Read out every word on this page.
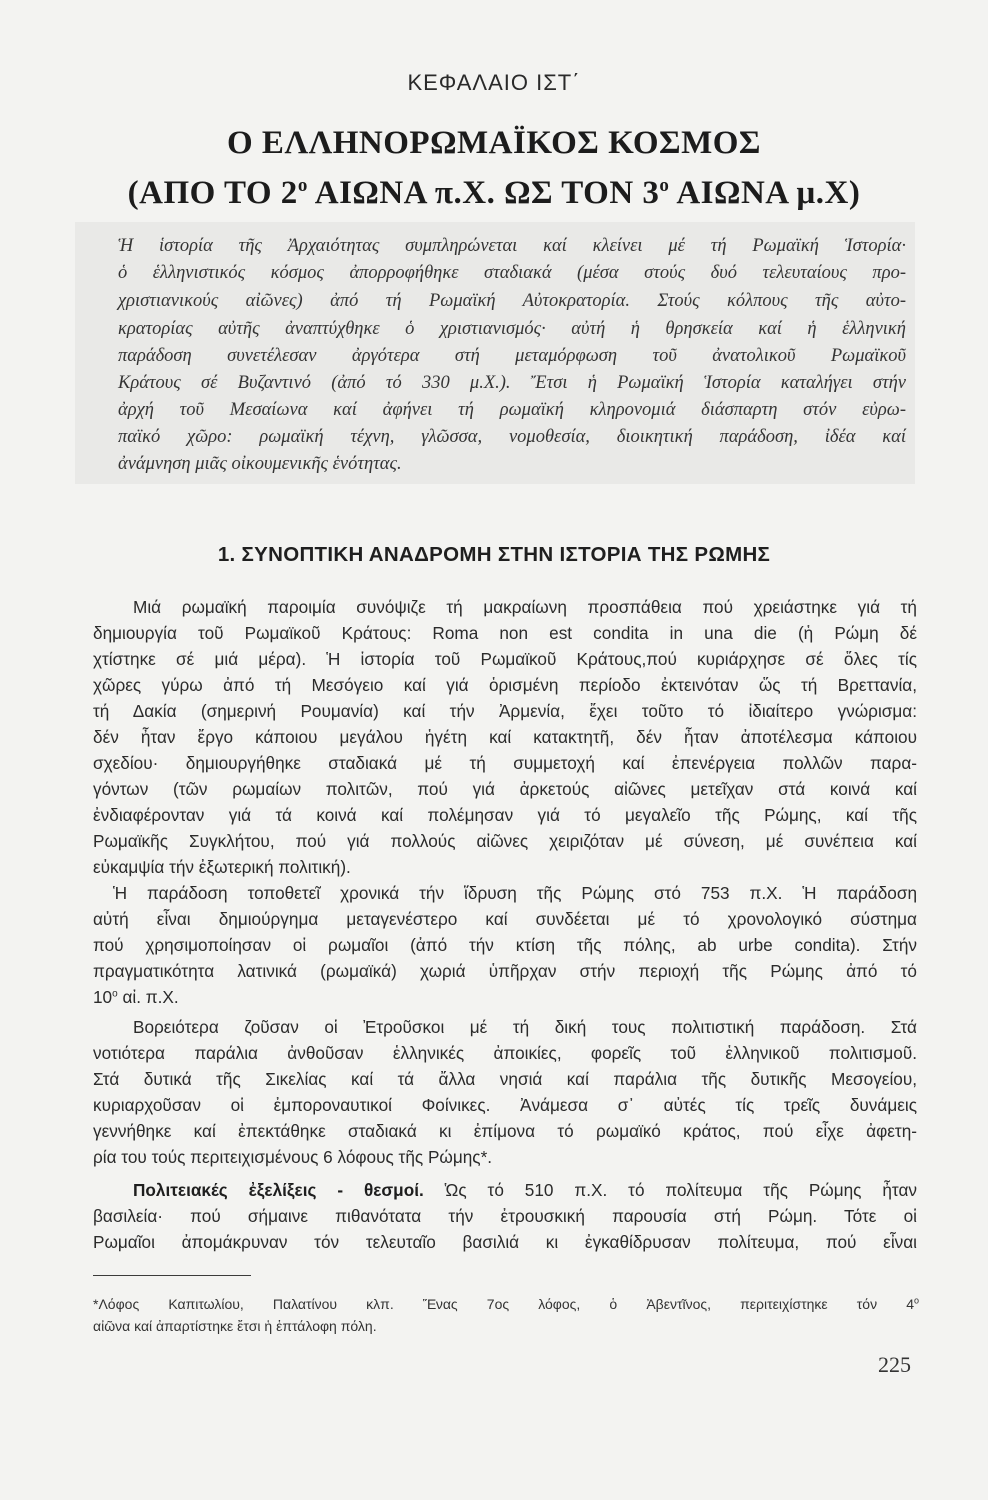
ΚΕΦΑΛΑΙΟ ΙΣΤ΄
Ο ΕΛΛΗΝΟΡΩΜΑΪΚΟΣ ΚΟΣΜΟΣ
(ΑΠΟ ΤΟ $2^o$ ΑΙΩΝΑ π.Χ. ΩΣ ΤΟΝ $3^o$ ΑΙΩΝΑ μ.Χ)
Ἡ ἱστορία τῆς Ἀρχαιότητας συμπληρώνεται καί κλείνει μέ τή Ρωμαϊκή Ἱστορία·
ὁ ἑλληνιστικός κόσμος ἀπορροφήθηκε σταδιακά (μέσα στούς δυό τελευταίους προ-
χριστιανικούς αἰῶνες) ἀπό τή Ρωμαϊκή Αὐτοκρατορία. Στούς κόλπους τῆς αὐτο-
κρατορίας αὐτῆς ἀναπτύχθηκε ὁ χριστιανισμός· αὐτή ἡ θρησκεία καί ἡ ἑλληνική
παράδοση συνετέλεσαν ἀργότερα στή μεταμόρφωση τοῦ ἀνατολικοῦ Ρωμαϊκοῦ
Κράτους σέ Βυζαντινό (ἀπό τό 330 μ.Χ.). Ἔτσι ἡ Ρωμαϊκή Ἱστορία καταλήγει στήν
ἀρχή τοῦ Μεσαίωνα καί ἀφήνει τή ρωμαϊκή κληρονομιά διάσπαρτη στόν εὐρω-
παϊκό χῶρο: ρωμαϊκή τέχνη, γλῶσσα, νομοθεσία, διοικητική παράδοση, ἰδέα καί
ἀνάμνηση μιᾶς οἰκουμενικῆς ἑνότητας.
1. ΣΥΝΟΠΤΙΚΗ ΑΝΑΔΡΟΜΗ ΣΤΗΝ ΙΣΤΟΡΙΑ ΤΗΣ ΡΩΜΗΣ
Μιά ρωμαϊκή παροιμία συνόψιζε τή μακραίωνη προσπάθεια πού χρειάστηκε γιά τή
δημιουργία τοῦ Ρωμαϊκοῦ Κράτους: Roma non est condita in una die (ἡ Ρώμη δέ
χτίστηκε σέ μιά μέρα). Ἡ ἱστορία τοῦ Ρωμαϊκοῦ Κράτους,πού κυριάρχησε σέ ὅλες τίς
χῶρες γύρω ἀπό τή Μεσόγειο καί γιά ὁρισμένη περίοδο ἐκτεινόταν ὥς τή Βρεττανία,
τή Δακία (σημερινή Ρουμανία) καί τήν Ἀρμενία, ἔχει τοῦτο τό ἰδιαίτερο γνώρισμα:
δέν ἦταν ἔργο κάποιου μεγάλου ἡγέτη καί κατακτητῆ, δέν ἦταν ἀποτέλεσμα κάποιου
σχεδίου· δημιουργήθηκε σταδιακά μέ τή συμμετοχή καί ἐπενέργεια πολλῶν παρα-
γόντων (τῶν ρωμαίων πολιτῶν, πού γιά ἀρκετούς αἰῶνες μετεῖχαν στά κοινά καί
ἐνδιαφέρονταν γιά τά κοινά καί πολέμησαν γιά τό μεγαλεῖο τῆς Ρώμης, καί τῆς
Ρωμαϊκῆς Συγκλήτου, πού γιά πολλούς αἰῶνες χειριζόταν μέ σύνεση, μέ συνέπεια καί
εὐκαμψία τήν ἐξωτερική πολιτική).
Ἡ παράδοση τοποθετεῖ χρονικά τήν ἵδρυση τῆς Ρώμης στό 753 π.Χ. Ἡ παράδοση
αὐτή εἶναι δημιούργημα μεταγενέστερο καί συνδέεται μέ τό χρονολογικό σύστημα
πού χρησιμοποίησαν οἱ ρωμαῖοι (ἀπό τήν κτίση τῆς πόλης, ab urbe condita). Στήν
πραγματικότητα λατινικά (ρωμαϊκά) χωριά ὑπῆρχαν στήν περιοχή τῆς Ρώμης ἀπό τό
$10^o$ αἰ. π.Χ.
Βορειότερα ζοῦσαν οἱ Ἐτροῦσκοι μέ τή δική τους πολιτιστική παράδοση. Στά
νοτιότερα παράλια ἀνθοῦσαν ἑλληνικές ἀποικίες, φορεῖς τοῦ ἑλληνικοῦ πολιτισμοῦ.
Στά δυτικά τῆς Σικελίας καί τά ἄλλα νησιά καί παράλια τῆς δυτικῆς Μεσογείου,
κυριαρχοῦσαν οἱ ἐμποροναυτικοί Φοίνικες. Ἀνάμεσα σ᾽ αὐτές τίς τρεῖς δυνάμεις
γεννήθηκε καί ἐπεκτάθηκε σταδιακά κι ἐπίμονα τό ρωμαϊκό κράτος, πού εἶχε ἀφετη-
ρία του τούς περιτειχισμένους 6 λόφους τῆς Ρώμης*.
Πολιτειακές ἐξελίξεις - θεσμοί. Ὡς τό 510 π.Χ. τό πολίτευμα τῆς Ρώμης ἦταν
βασιλεία· πού σήμαινε πιθανότατα τήν ἐτρουσκική παρουσία στή Ρώμη. Τότε οἱ
Ρωμαῖοι ἀπομάκρυναν τόν τελευταῖο βασιλιά κι ἐγκαθίδρυσαν πολίτευμα, πού εἶναι
*Λόφος Καπιτωλίου, Παλατίνου κλπ. Ἕνας 7ος λόφος, ὁ Ἀβεντῖνος, περιτειχίστηκε τόν $4^o$
αἰῶνα καί ἀπαρτίστηκε ἔτσι ἡ ἑπτάλοφη πόλη.
225
